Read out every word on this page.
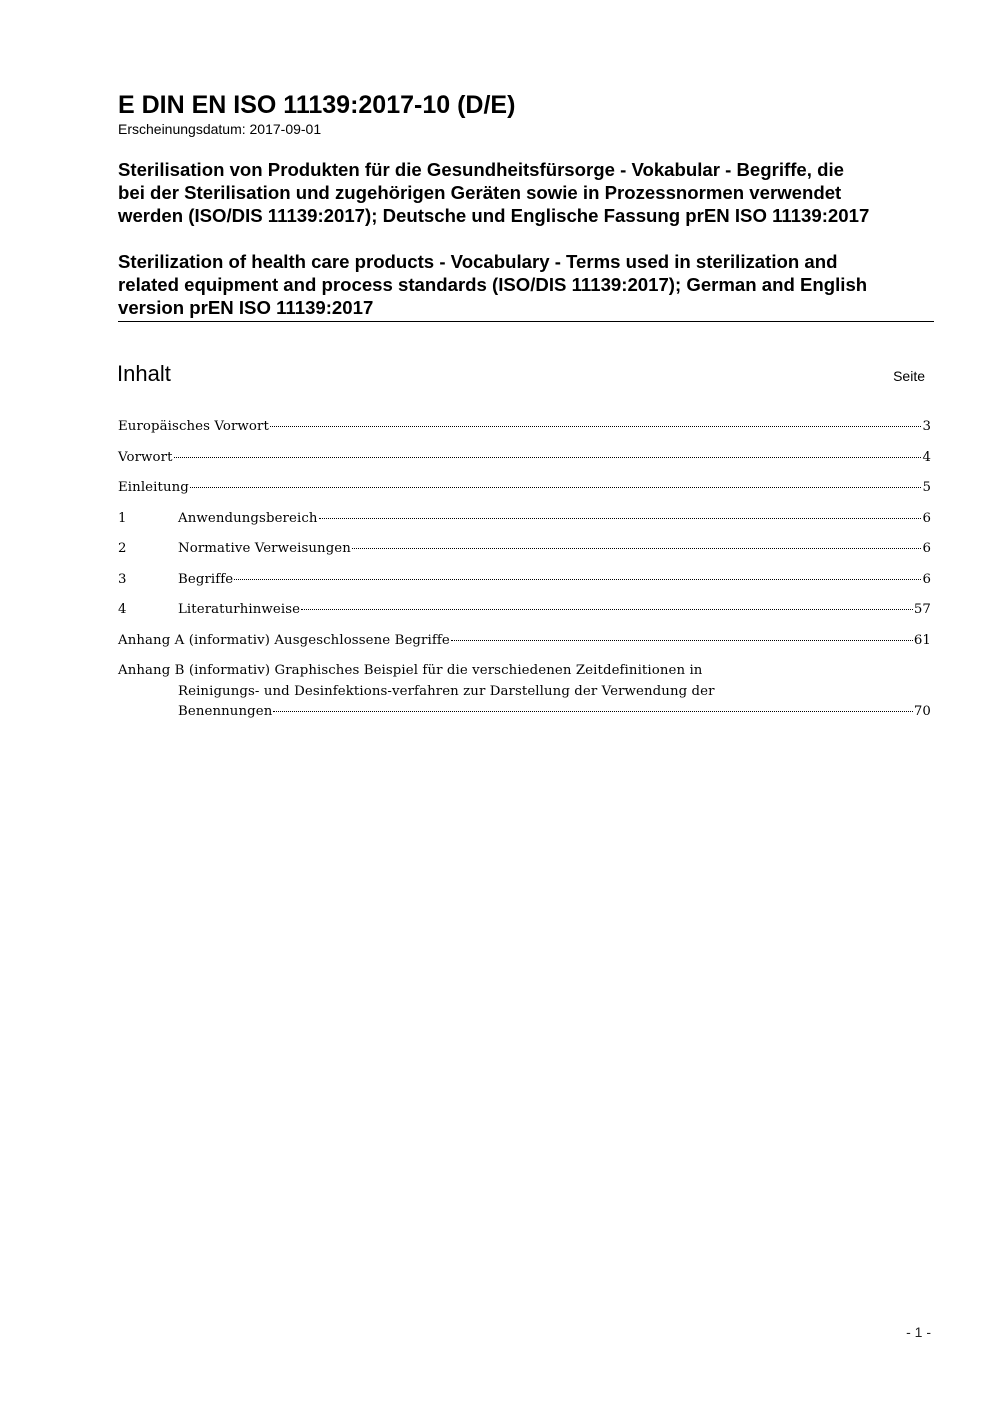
E DIN EN ISO 11139:2017-10 (D/E)
Erscheinungsdatum: 2017-09-01
Sterilisation von Produkten für die Gesundheitsfürsorge - Vokabular - Begriffe, die
bei der Sterilisation und zugehörigen Geräten sowie in Prozessnormen verwendet
werden (ISO/DIS 11139:2017); Deutsche und Englische Fassung prEN ISO 11139:2017
Sterilization of health care products - Vocabulary - Terms used in sterilization and
related equipment and process standards (ISO/DIS 11139:2017); German and English
version prEN ISO 11139:2017
Inhalt	Seite
Europäisches Vorwort	3
Vorwort	4
Einleitung	5
1	Anwendungsbereich	6
2	Normative Verweisungen	6
3	Begriffe	6
4	Literaturhinweise	57
Anhang A (informativ) Ausgeschlossene Begriffe	61
Anhang B (informativ) Graphisches Beispiel für die verschiedenen Zeitdefinitionen in
Reinigungs- und Desinfektions-verfahren zur Darstellung der Verwendung der
Benennungen	70
- 1 -
